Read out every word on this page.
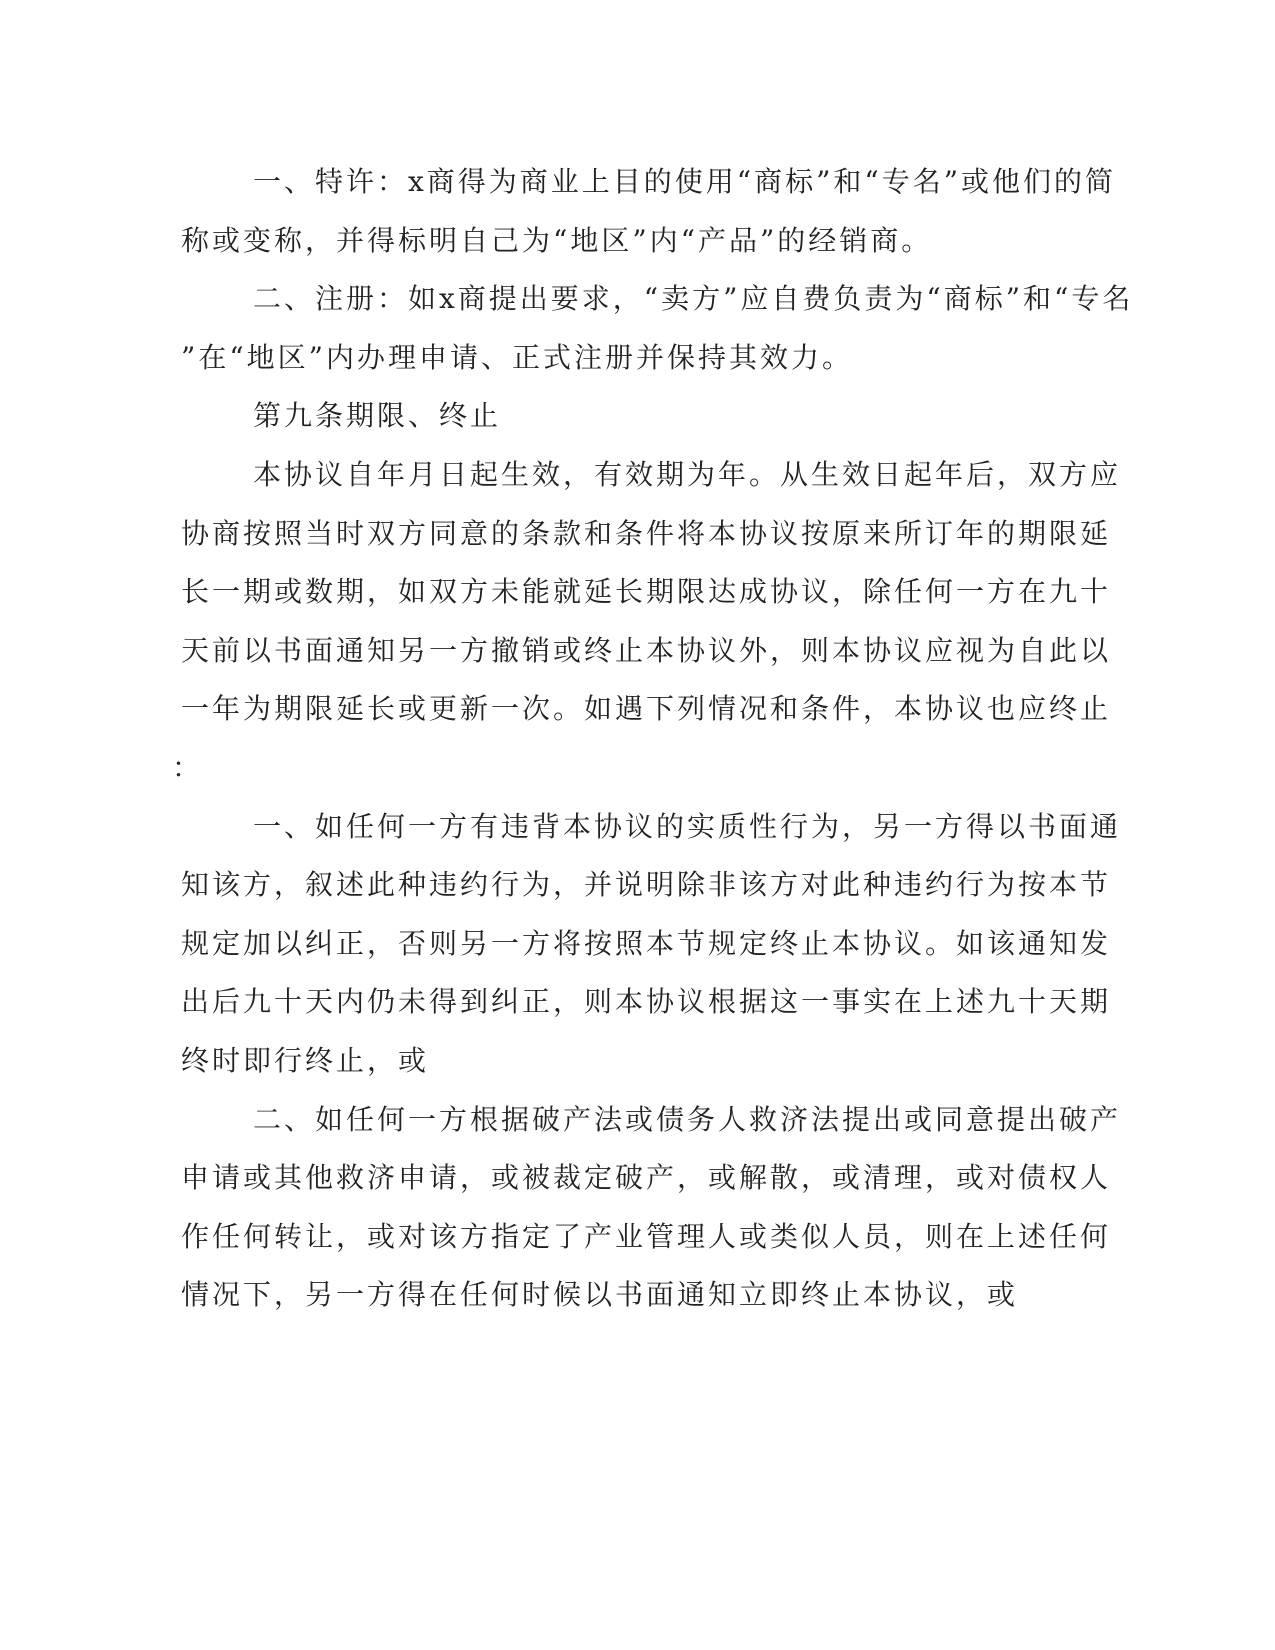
一、特许：x商得为商业上目的使用“商标”和“专名”或他们的简
称或变称，并得标明自己为“地区”内“产品”的经销商。
二、注册：如x商提出要求，“卖方”应自费负责为“商标”和“专名
”在“地区”内办理申请、正式注册并保持其效力。
第九条期限、终止
本协议自年月日起生效，有效期为年。从生效日起年后，双方应
协商按照当时双方同意的条款和条件将本协议按原来所订年的期限延
长一期或数期，如双方未能就延长期限达成协议，除任何一方在九十
天前以书面通知另一方撤销或终止本协议外，则本协议应视为自此以
一年为期限延长或更新一次。如遇下列情况和条件，本协议也应终止
：
一、如任何一方有违背本协议的实质性行为，另一方得以书面通
知该方，叙述此种违约行为，并说明除非该方对此种违约行为按本节
规定加以纠正，否则另一方将按照本节规定终止本协议。如该通知发
出后九十天内仍未得到纠正，则本协议根据这一事实在上述九十天期
终时即行终止，或
二、如任何一方根据破产法或债务人救济法提出或同意提出破产
申请或其他救济申请，或被裁定破产，或解散，或清理，或对债权人
作任何转让，或对该方指定了产业管理人或类似人员，则在上述任何
情况下，另一方得在任何时候以书面通知立即终止本协议，或
